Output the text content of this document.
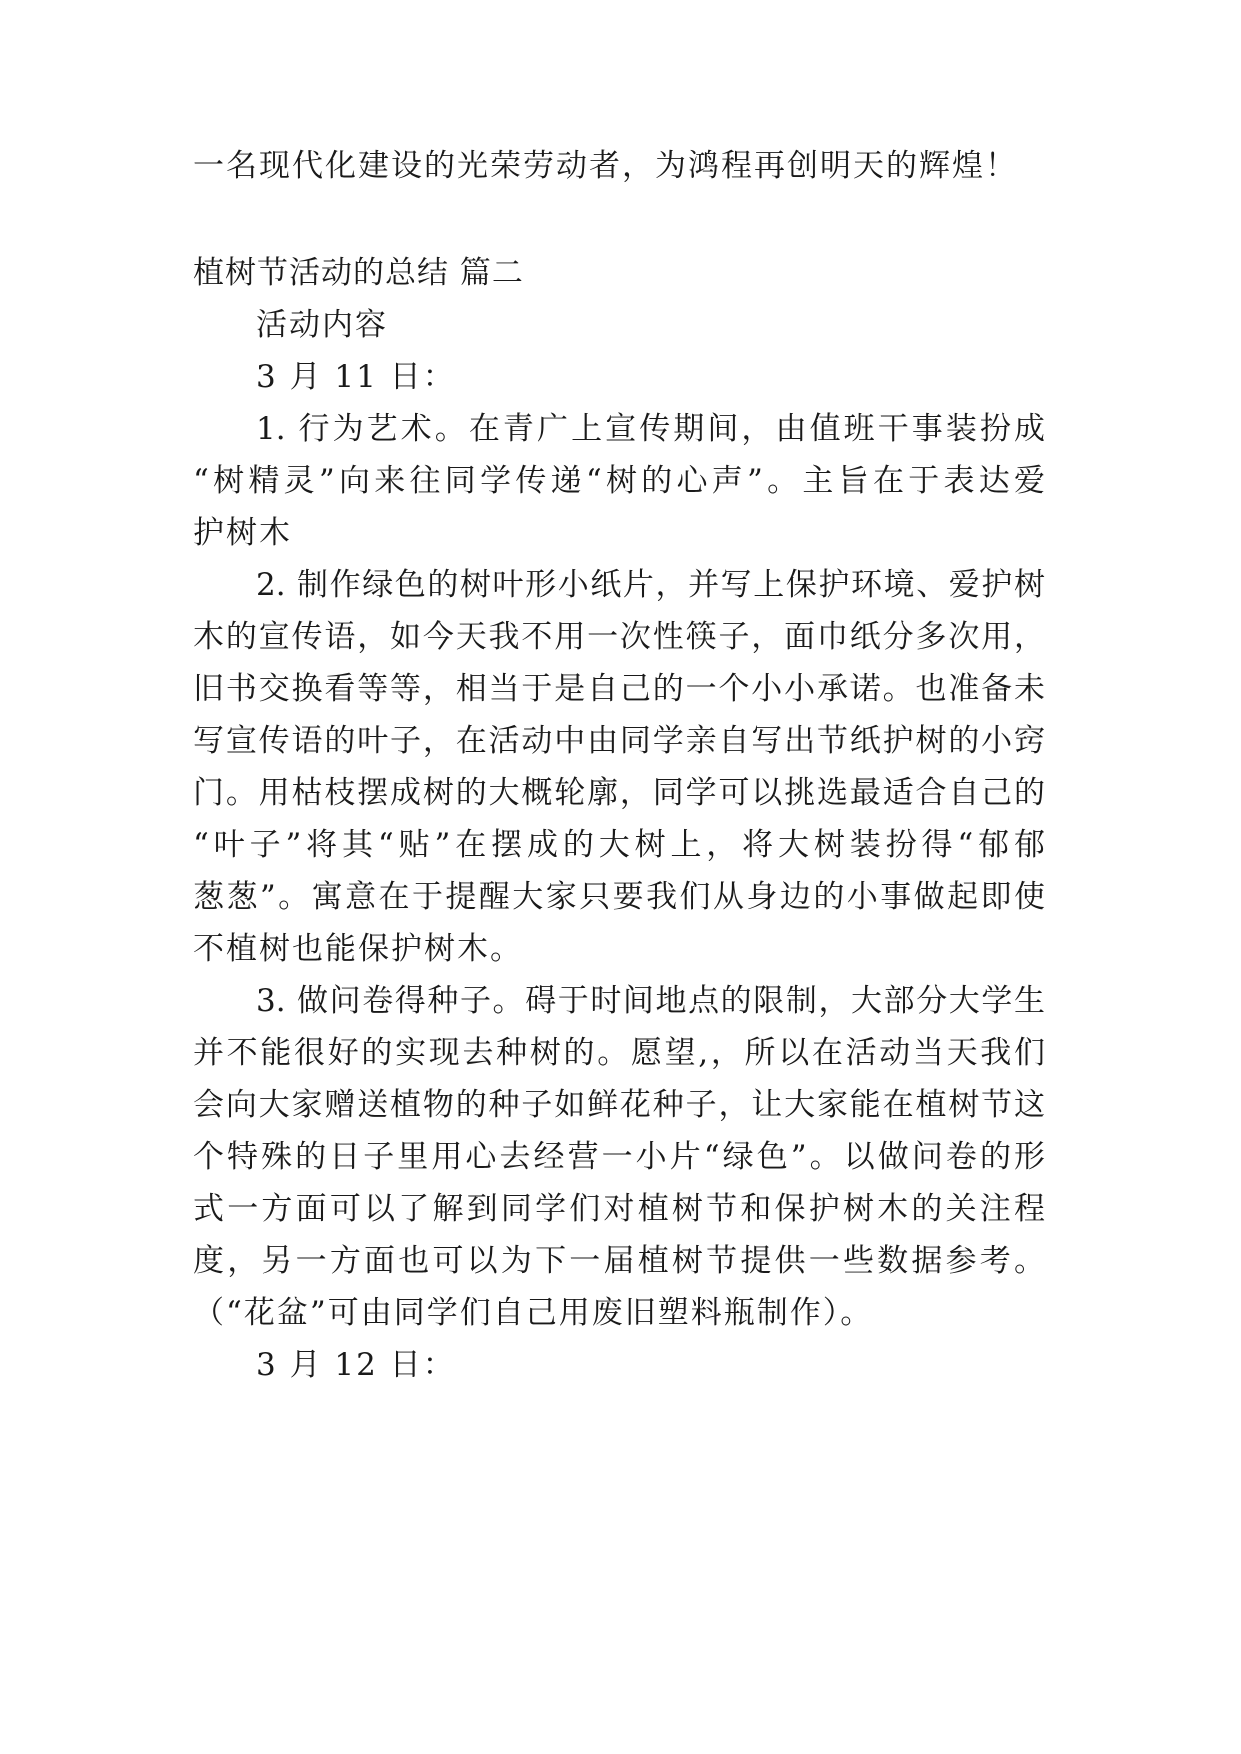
一名现代化建设的光荣劳动者，为鸿程再创明天的辉煌！
植树节活动的总结 篇二
活动内容
3 月 11 日：
1. 行为艺术。在青广上宣传期间，由值班干事装扮成
“树精灵”向来往同学传递“树的心声”。主旨在于表达爱
护树木
2. 制作绿色的树叶形小纸片，并写上保护环境、爱护树
木的宣传语，如今天我不用一次性筷子，面巾纸分多次用，
旧书交换看等等，相当于是自己的一个小小承诺。也准备未
写宣传语的叶子，在活动中由同学亲自写出节纸护树的小窍
门。用枯枝摆成树的大概轮廓，同学可以挑选最适合自己的
“叶子”将其“贴”在摆成的大树上，将大树装扮得“郁郁
葱葱”。寓意在于提醒大家只要我们从身边的小事做起即使
不植树也能保护树木。
3. 做问卷得种子。碍于时间地点的限制，大部分大学生
并不能很好的实现去种树的。愿望,，所以在活动当天我们
会向大家赠送植物的种子如鲜花种子，让大家能在植树节这
个特殊的日子里用心去经营一小片“绿色”。以做问卷的形
式一方面可以了解到同学们对植树节和保护树木的关注程
度，另一方面也可以为下一届植树节提供一些数据参考。
（“花盆”可由同学们自己用废旧塑料瓶制作）。
3 月 12 日：
